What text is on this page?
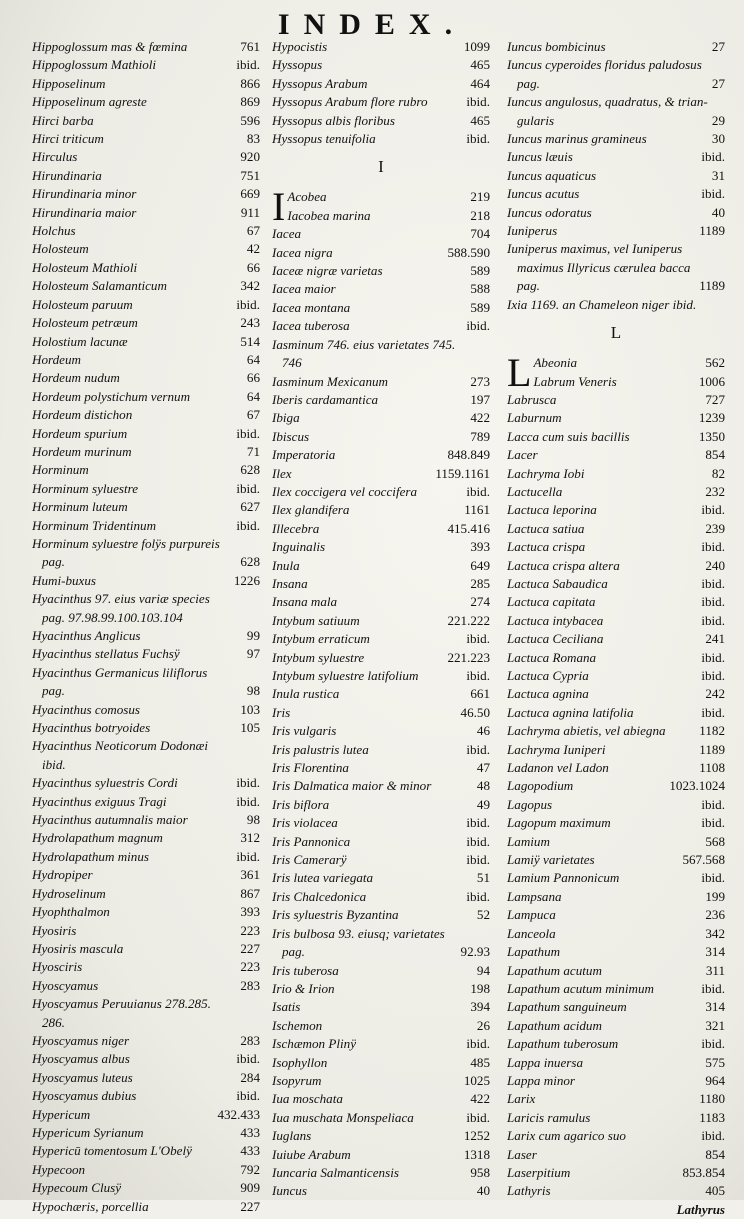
INDEX.
Hippoglossum mas & fœmina	761
Hippoglossum Mathioli	ibid.
Hipposelinum	866
Hipposelinum agreste	869
Hirci barba	596
Hirci triticum	83
Hirculus	920
Hirundinaria	751
Hirundinaria minor	669
Hirundinaria maior	911
Holchus	67
Holosteum	42
Holosteum Mathioli	66
Holosteum Salamanticum	342
Holosteum paruum	ibid.
Holosteum petræum	243
Holostium lacunæ	514
Hordeum	64
Hordeum nudum	66
Hordeum polystichum vernum	64
Hordeum distichon	67
Hordeum spurium	ibid.
Hordeum murinum	71
Horminum	628
Horminum syluestre	ibid.
Horminum luteum	627
Horminum Tridentinum	ibid.
Horminum syluestre folÿs purpureis
pag.	628
Humi-buxus	1226
Hyacinthus 97. eius variæ species
pag. 97.98.99.100.103.104
Hyacinthus Anglicus	99
Hyacinthus stellatus Fuchsÿ	97
Hyacinthus Germanicus liliflorus
pag.	98
Hyacinthus comosus	103
Hyacinthus botryoides	105
Hyacinthus Neoticorum Dodonæi
ibid.
Hyacinthus syluestris Cordi	ibid.
Hyacinthus exiguus Tragi	ibid.
Hyacinthus autumnalis maior	98
Hydrolapathum magnum	312
Hydrolapathum minus	ibid.
Hydropiper	361
Hydroselinum	867
Hyophthalmon	393
Hyosiris	223
Hyosiris mascula	227
Hyosciris	223
Hyoscyamus	283
Hyoscyamus Peruuianus 278.285.
286.
Hyoscyamus niger	283
Hyoscyamus albus	ibid.
Hyoscyamus luteus	284
Hyoscyamus dubius	ibid.
Hypericum	432.433
Hypericum Syrianum	433
Hypericū tomentosum L'Obelÿ	433
Hypecoon	792
Hypecoum Clusÿ	909
Hypochæris, porcellia	227
Hypocistis	1099
Hyssopus	465
Hyssopus Arabum	464
Hyssopus Arabum flore rubro	ibid.
Hyssopus albis floribus	465
Hyssopus tenuifolia	ibid.
I
I Acobea	219
Iacobea marina	218
Iacea	704
Iacea nigra	588.590
Iaceæ nigræ varietas	589
Iacea maior	588
Iacea montana	589
Iacea tuberosa	ibid.
Iasminum 746. eius varietates 745.
746
Iasminum Mexicanum	273
Iberis cardamantica	197
Ibiga	422
Ibiscus	789
Imperatoria	848.849
Ilex	1159.1161
Ilex coccigera vel coccifera	ibid.
Ilex glandifera	1161
Illecebra	415.416
Inguinalis	393
Inula	649
Insana	285
Insana mala	274
Intybum satiuum	221.222
Intybum erraticum	ibid.
Intybum syluestre	221.223
Intybum syluestre latifolium	ibid.
Inula rustica	661
Iris	46.50
Iris vulgaris	46
Iris palustris lutea	ibid.
Iris Florentina	47
Iris Dalmatica maior & minor	48
Iris biflora	49
Iris violacea	ibid.
Iris Pannonica	ibid.
Iris Camerarÿ	ibid.
Iris lutea variegata	51
Iris Chalcedonica	ibid.
Iris syluestris Byzantina	52
Iris bulbosa 93. eiusq; varietates
pag.	92.93
Iris tuberosa	94
Irio & Irion	198
Isatis	394
Ischemon	26
Ischæmon Plinÿ	ibid.
Isophyllon	485
Isopyrum	1025
Iua moschata	422
Iua muschata Monspeliaca	ibid.
Iuglans	1252
Iuiube Arabum	1318
Iuncaria Salmanticensis	958
Iuncus	40
Iuncus bombicinus	27
Iuncus cyperoides floridus paludosus
pag.	27
Iuncus angulosus, quadratus, & trian-
gularis	29
Iuncus marinus gramineus	30
Iuncus læuis	ibid.
Iuncus aquaticus	31
Iuncus acutus	ibid.
Iuncus odoratus	40
Iuniperus	1189
Iuniperus maximus, vel Iuniperus
maximus Illyricus cærulea bacca
pag.	1189
Ixia 1169. an Chameleon niger ibid.
L
L Abeonia	562
Labrum Veneris	1006
Labrusca	727
Laburnum	1239
Lacca cum suis bacillis	1350
Lacer	854
Lachryma Iobi	82
Lactucella	232
Lactuca leporina	ibid.
Lactuca satiua	239
Lactuca crispa	ibid.
Lactuca crispa altera	240
Lactuca Sabaudica	ibid.
Lactuca capitata	ibid.
Lactuca intybacea	ibid.
Lactuca Ceciliana	241
Lactuca Romana	ibid.
Lactuca Cypria	ibid.
Lactuca agnina	242
Lactuca agnina latifolia	ibid.
Lachryma abietis, vel abiegna	1182
Lachryma Iuniperi	1189
Ladanon vel Ladon	1108
Lagopodium	1023.1024
Lagopus	ibid.
Lagopum maximum	ibid.
Lamium	568
Lamiÿ varietates	567.568
Lamium Pannonicum	ibid.
Lampsana	199
Lampuca	236
Lanceola	342
Lapathum	314
Lapathum acutum	311
Lapathum acutum minimum	ibid.
Lapathum sanguineum	314
Lapathum acidum	321
Lapathum tuberosum	ibid.
Lappa inuersa	575
Lappa minor	964
Larix	1180
Laricis ramulus	1183
Larix cum agarico suo	ibid.
Laser	854
Laserpitium	853.854
Lathyris	405
Lathyrus
